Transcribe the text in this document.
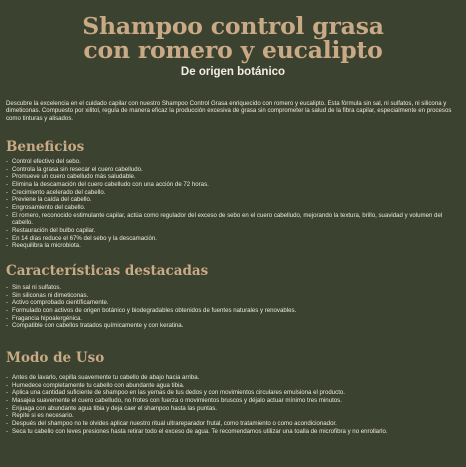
Shampoo control grasa
con romero y eucalipto
De origen botánico
Descubre la excelencia en el cuidado capilar con nuestro Shampoo Control Grasa enriquecido con romero y eucalipto. Esta fórmula sin sal, ni sulfatos, ni silicona y dimeticonas. Compuesto por xilitol, regula de manera eficaz la producción excesiva de grasa sin comprometer la salud de la fibra capilar, especialmente en procesos como tinturas y alisados.
Beneficios
- Control efectivo del sebo.
- Controla la grasa sin resecar el cuero cabelludo.
- Promueve un cuero cabelludo más saludable.
- Elimina la descamación del cuero cabelludo con una acción de 72 horas.
- Crecimiento acelerado del cabello.
- Previene la caída del cabello.
- Engrosamiento del cabello.
- El romero, reconocido estimulante capilar, actúa como regulador del exceso de sebo en el cuero cabelludo, mejorando la textura, brillo, suavidad y volumen del cabello.
- Restauración del bulbo capilar.
- En 14 días reduce el 67% del sebo y la descamación.
- Reequilibra la microbiota.
Características destacadas
- Sin sal ni sulfatos.
- Sin siliconas ni dimeticonas.
- Activo comprobado científicamente.
- Formulado con activos de origen botánico y biodegradables obtenidos de fuentes naturales y renovables.
- Fragancia hipoalergénica.
- Compatible con cabellos tratados químicamente y con keratina.
Modo de Uso
- Antes de lavarlo, cepilla suavemente tu cabello de abajo hacia arriba.
- Humedece completamente tu cabello con abundante agua tibia.
- Aplica una cantidad suficiente de shampoo en las yemas de tus dedos y con movimientos circulares emulsiona el producto.
- Masajea suavemente el cuero cabelludo, no frotes con fuerza o movimientos bruscos y déjalo actuar mínimo tres minutos.
- Enjuaga con abundante agua tibia y deja caer el shampoo hasta las puntas.
- Repite si es necesario.
- Después del shampoo no te olvides aplicar nuestro ritual ultrareparador frutal, como tratamiento o como acondicionador.
- Seca tu cabello con leves presiones hasta retirar todo el exceso de agua. Te recomendamos utilizar una toalla de microfibra y no enrollarlo.
